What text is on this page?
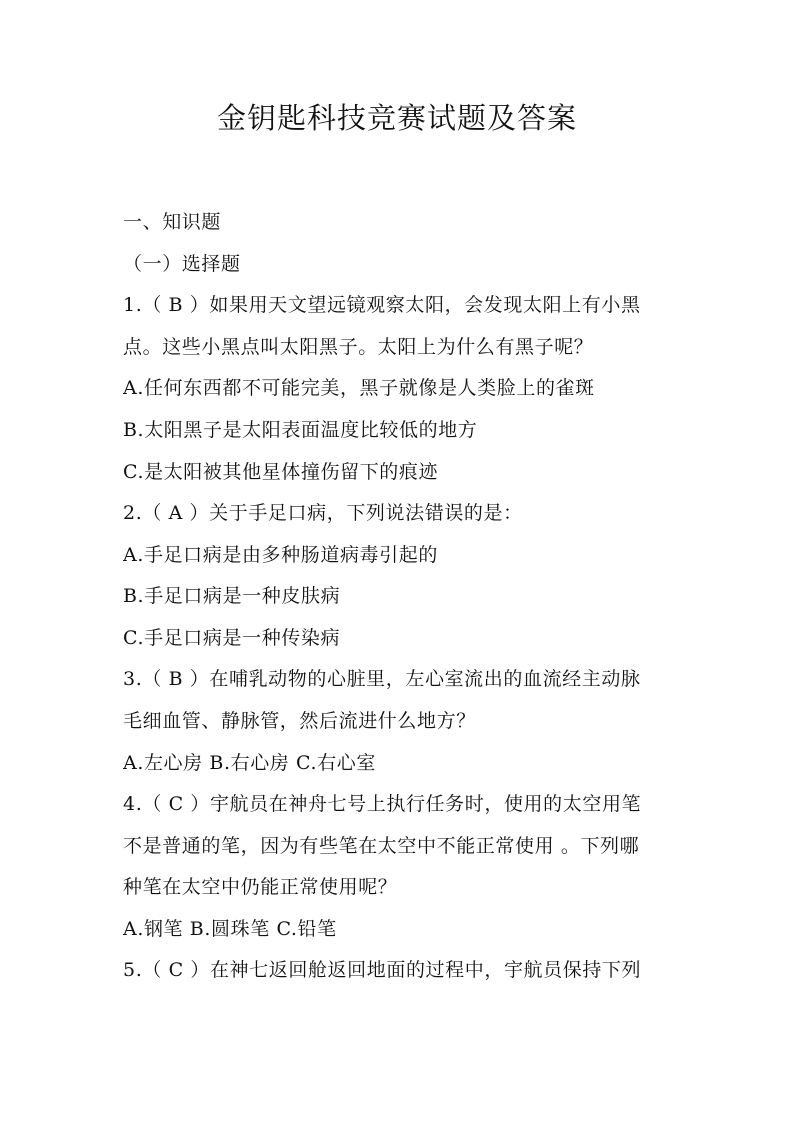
金钥匙科技竞赛试题及答案
一、知识题
（一）选择题
1.（ B ）如果用天文望远镜观察太阳，会发现太阳上有小黑
点。这些小黑点叫太阳黑子。太阳上为什么有黑子呢？
A.任何东西都不可能完美，黑子就像是人类脸上的雀斑
B.太阳黑子是太阳表面温度比较低的地方
C.是太阳被其他星体撞伤留下的痕迹
2.（ A ）关于手足口病，下列说法错误的是：
A.手足口病是由多种肠道病毒引起的
B.手足口病是一种皮肤病
C.手足口病是一种传染病
3.（ B ）在哺乳动物的心脏里，左心室流出的血流经主动脉
毛细血管、静脉管，然后流进什么地方？
A.左心房 B.右心房 C.右心室
4.（ C ）宇航员在神舟七号上执行任务时，使用的太空用笔
不是普通的笔，因为有些笔在太空中不能正常使用 。下列哪
种笔在太空中仍能正常使用呢？
A.钢笔 B.圆珠笔 C.铅笔
5.（ C ）在神七返回舱返回地面的过程中，宇航员保持下列
